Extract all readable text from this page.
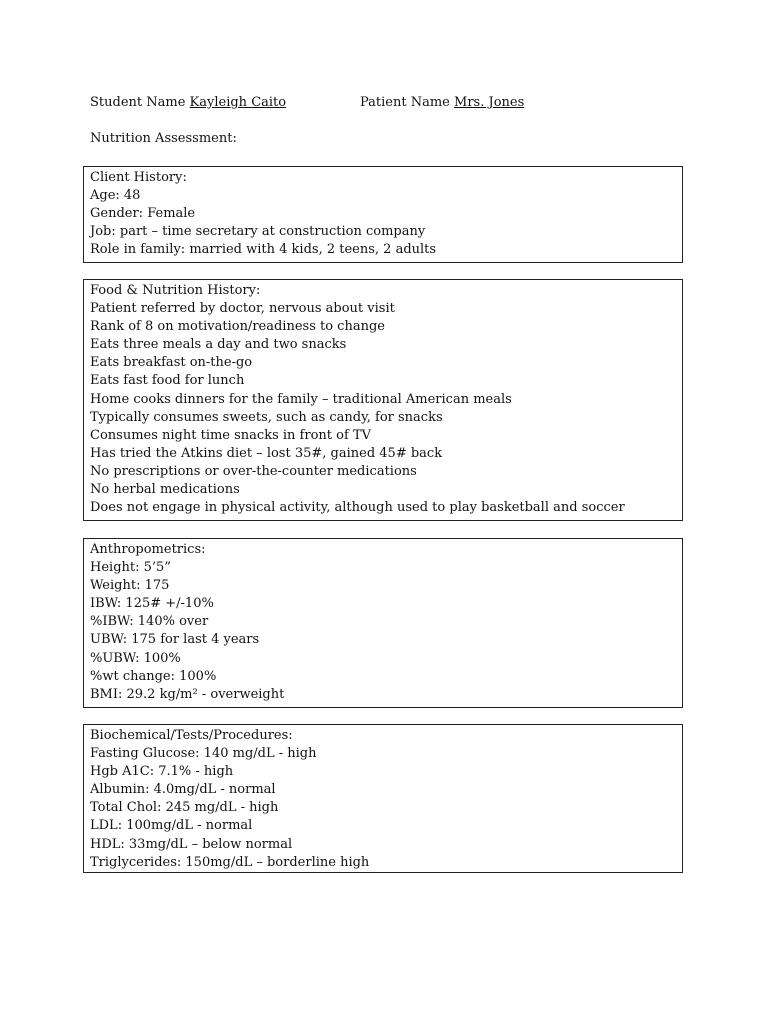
Student Name Kayleigh Caito	Patient Name Mrs. Jones
Nutrition Assessment:
Client History:
Age: 48
Gender: Female
Job: part – time secretary at construction company
Role in family: married with 4 kids, 2 teens, 2 adults
Food & Nutrition History:
Patient referred by doctor, nervous about visit
Rank of 8 on motivation/readiness to change
Eats three meals a day and two snacks
Eats breakfast on-the-go
Eats fast food for lunch
Home cooks dinners for the family – traditional American meals
Typically consumes sweets, such as candy, for snacks
Consumes night time snacks in front of TV
Has tried the Atkins diet – lost 35#, gained 45# back
No prescriptions or over-the-counter medications
No herbal medications
Does not engage in physical activity, although used to play basketball and soccer
Anthropometrics:
Height: 5’5”
Weight: 175
IBW: 125# +/-10%
%IBW: 140% over
UBW: 175 for last 4 years
%UBW: 100%
%wt change: 100%
BMI: 29.2 kg/m² - overweight
Biochemical/Tests/Procedures:
Fasting Glucose: 140 mg/dL - high
Hgb A1C: 7.1% - high
Albumin: 4.0mg/dL - normal
Total Chol: 245 mg/dL - high
LDL: 100mg/dL - normal
HDL: 33mg/dL – below normal
Triglycerides: 150mg/dL – borderline high
